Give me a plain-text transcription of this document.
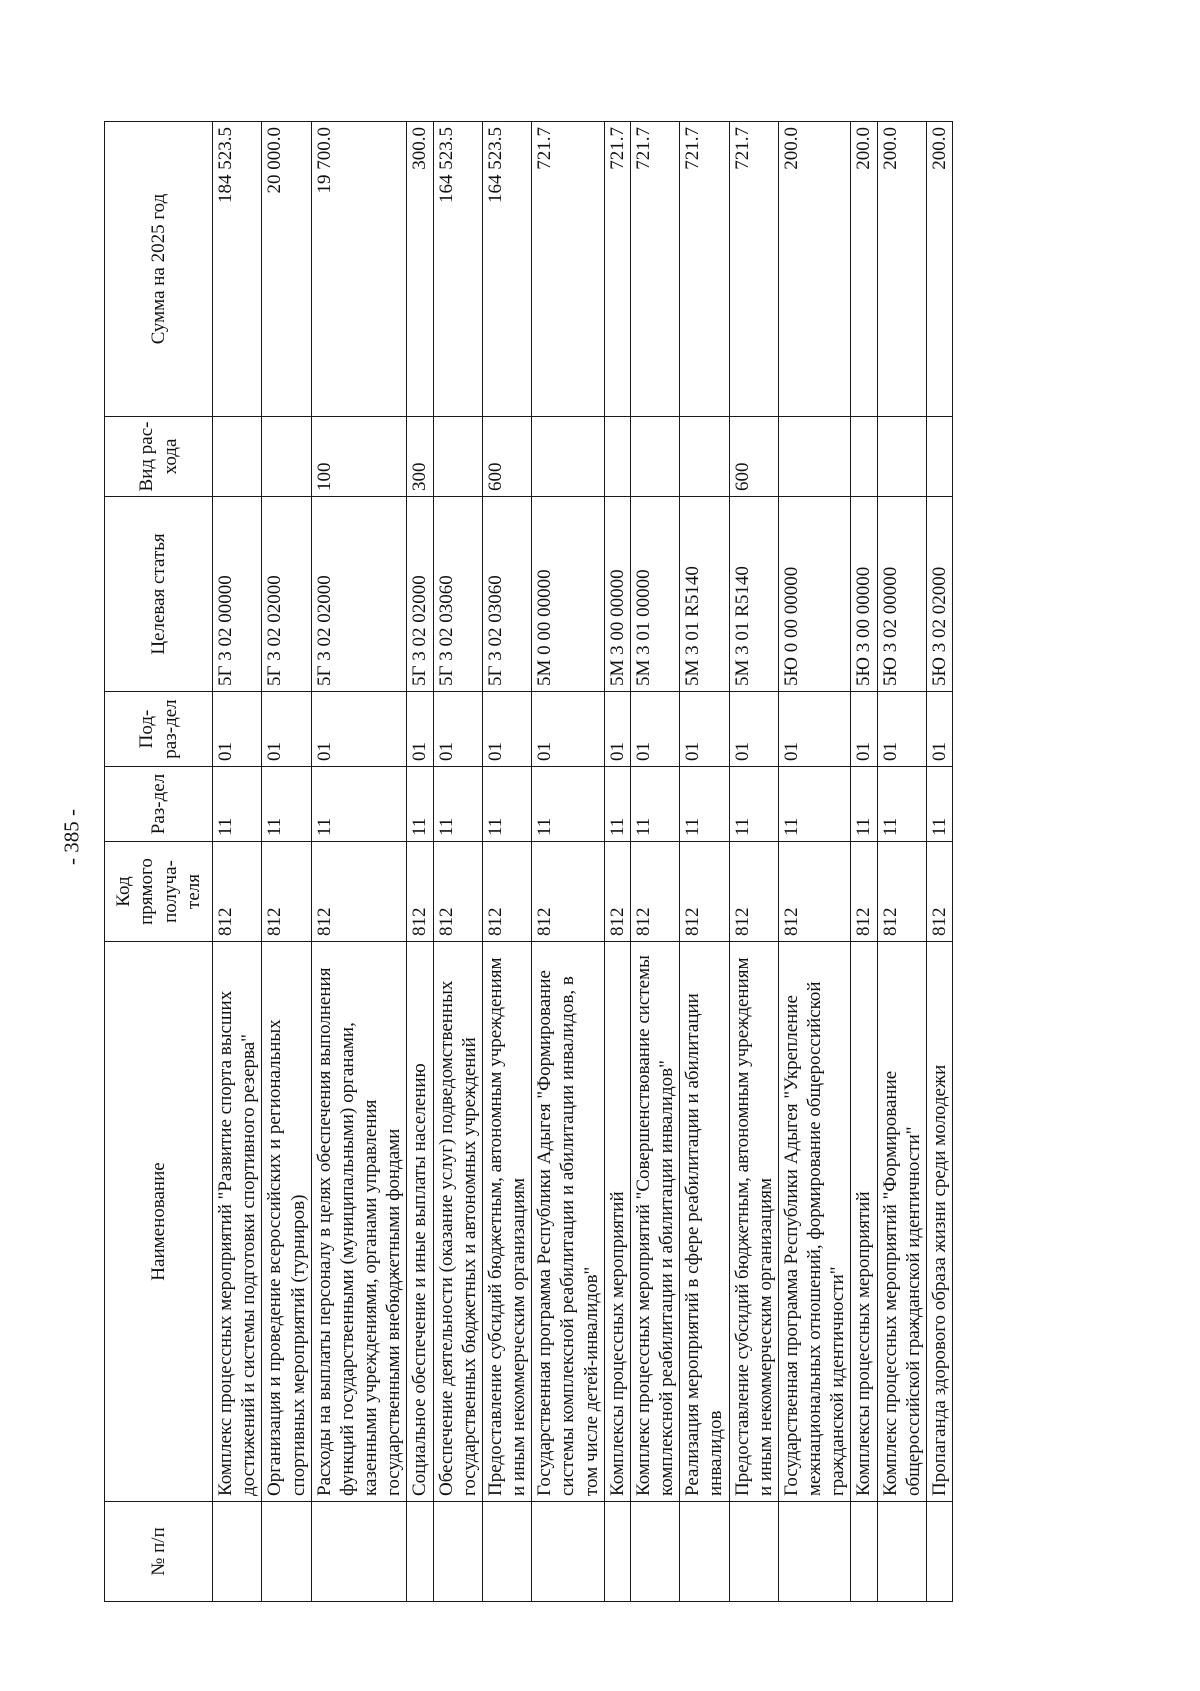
- 385 -
№ п/п	Наименование	Код прямого получа-теля	Раз-дел	Под-раз-дел	Целевая статья	Вид рас-хода	Сумма на 2025 год
	Комплекс процессных мероприятий "Развитие спорта высших достижений и системы подготовки спортивного резерва"	812	11	01	5Г 3 02 00000		184 523.5
	Организация и проведение всероссийских и региональных спортивных мероприятий (турниров)	812	11	01	5Г 3 02 02000		20 000.0
	Расходы на выплаты персоналу в целях обеспечения выполнения функций государственными (муниципальными) органами, казенными учреждениями, органами управления государственными внебюджетными фондами	812	11	01	5Г 3 02 02000	100	19 700.0
	Социальное обеспечение и иные выплаты населению	812	11	01	5Г 3 02 02000	300	300.0
	Обеспечение деятельности (оказание услуг) подведомственных государственных бюджетных и автономных учреждений	812	11	01	5Г 3 02 03060		164 523.5
	Предоставление субсидий бюджетным, автономным учреждениям и иным некоммерческим организациям	812	11	01	5Г 3 02 03060	600	164 523.5
	Государственная программа Республики Адыгея "Формирование системы комплексной реабилитации и абилитации инвалидов, в том числе детей-инвалидов"	812	11	01	5М 0 00 00000		721.7
	Комплексы процессных мероприятий	812	11	01	5М 3 00 00000		721.7
	Комплекс процессных мероприятий "Совершенствование системы комплексной реабилитации и абилитации инвалидов"	812	11	01	5М 3 01 00000		721.7
	Реализация мероприятий в сфере реабилитации и абилитации инвалидов	812	11	01	5М 3 01 R5140		721.7
	Предоставление субсидий бюджетным, автономным учреждениям и иным некоммерческим организациям	812	11	01	5М 3 01 R5140	600	721.7
	Государственная программа Республики Адыгея "Укрепление межнациональных отношений, формирование общероссийской гражданской идентичности"	812	11	01	5Ю 0 00 00000		200.0
	Комплексы процессных мероприятий	812	11	01	5Ю 3 00 00000		200.0
	Комплекс процессных мероприятий "Формирование общероссийской гражданской идентичности"	812	11	01	5Ю 3 02 00000		200.0
	Пропаганда здорового образа жизни среди молодежи	812	11	01	5Ю 3 02 02000		200.0
